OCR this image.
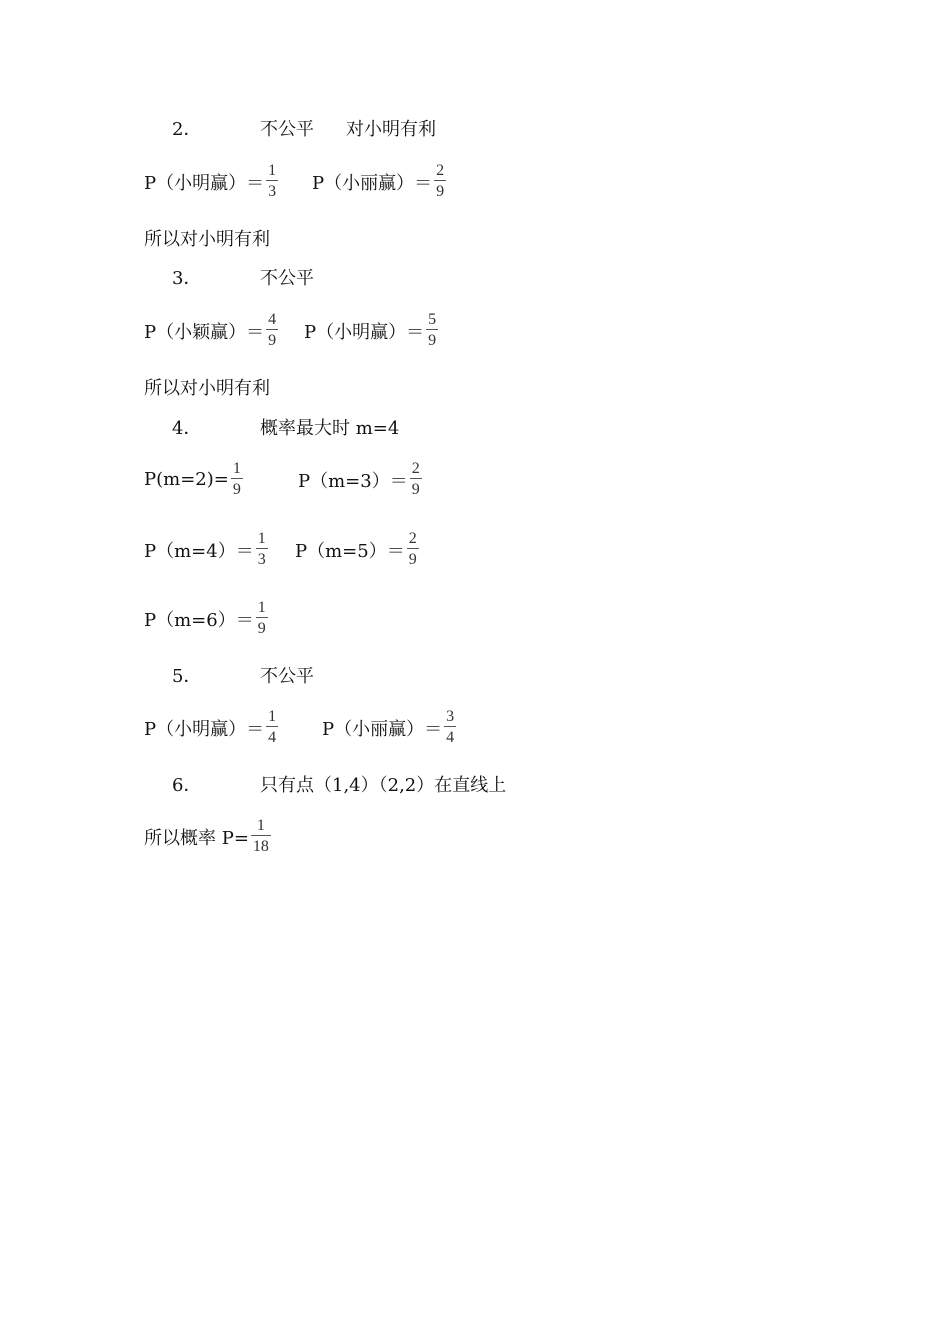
2．	不公平 对小明有利
P（小明赢）＝ $\frac{1}{3} P$（小丽赢）＝ $\frac{2}{9}$
所以对小明有利
3．	不公平
P（小颖赢）＝ $\frac{4}{9} P$（小明赢）＝ $\frac{5}{9}$
所以对小明有利
4．	概率最大时 m=4
$P(m=2)= \frac{1}{9}$	$P(m=3)= \frac{2}{9}$
$P(m=4)= \frac{1}{3} P(m=5)= \frac{2}{9}$
$P(m=6)= \frac{1}{9}$
5．	不公平
P（小明赢）＝ $\frac{1}{4} P$（小丽赢）＝ $\frac{3}{4}$
6．	只有点（1,4）（2,2）在直线上
所以概率 $P= \frac{1}{18}$
